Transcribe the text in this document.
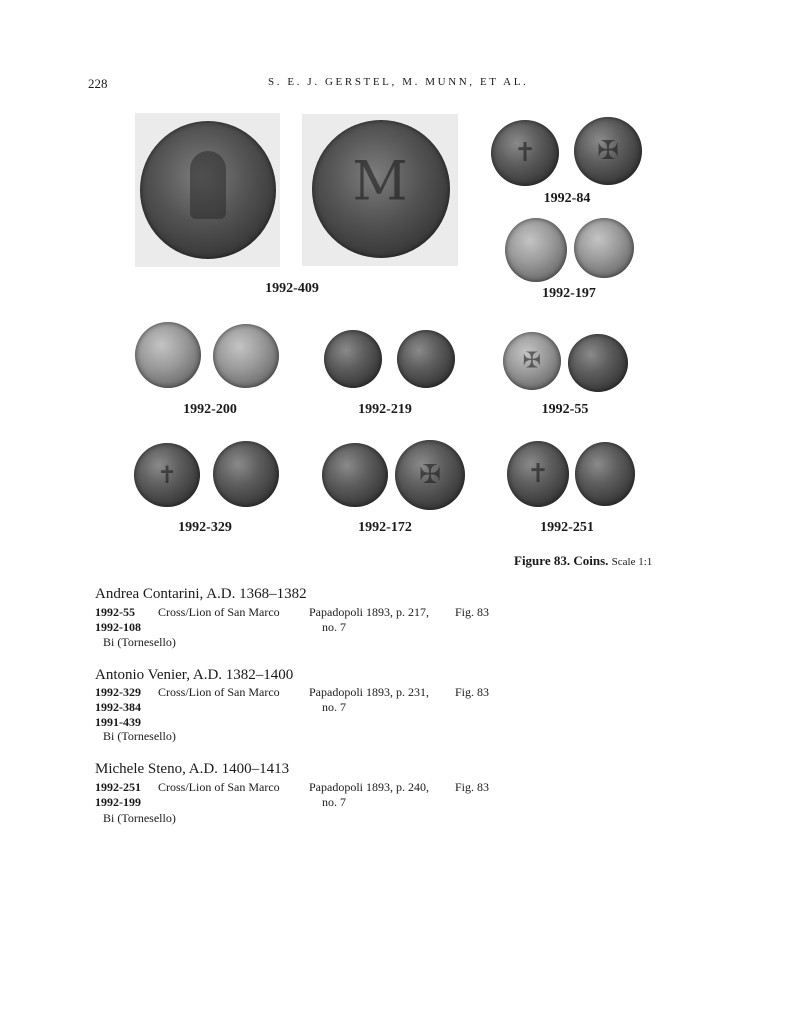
228	S. E. J. GERSTEL, M. MUNN, ET AL.
M
1992-409
✝ ✠
1992-84
1992-197
1992-200	1992-219
✠
1992-55
✝
1992-329
✠
1992-172
✝
1992-251
Figure 83. Coins. Scale 1:1
Andrea Contarini, A.D. 1368–1382
1992-55
1992-108
Cross/Lion of San Marco Papadopoli 1893, p. 217,
no. 7
Fig. 83
Bi (Tornesello)
Antonio Venier, A.D. 1382–1400
1992-329
1992-384
1991-439
Cross/Lion of San Marco Papadopoli 1893, p. 231,
no. 7
Fig. 83
Bi (Tornesello)
Michele Steno, A.D. 1400–1413
1992-251
1992-199
Cross/Lion of San Marco Papadopoli 1893, p. 240,
no. 7
Fig. 83
Bi (Tornesello)
